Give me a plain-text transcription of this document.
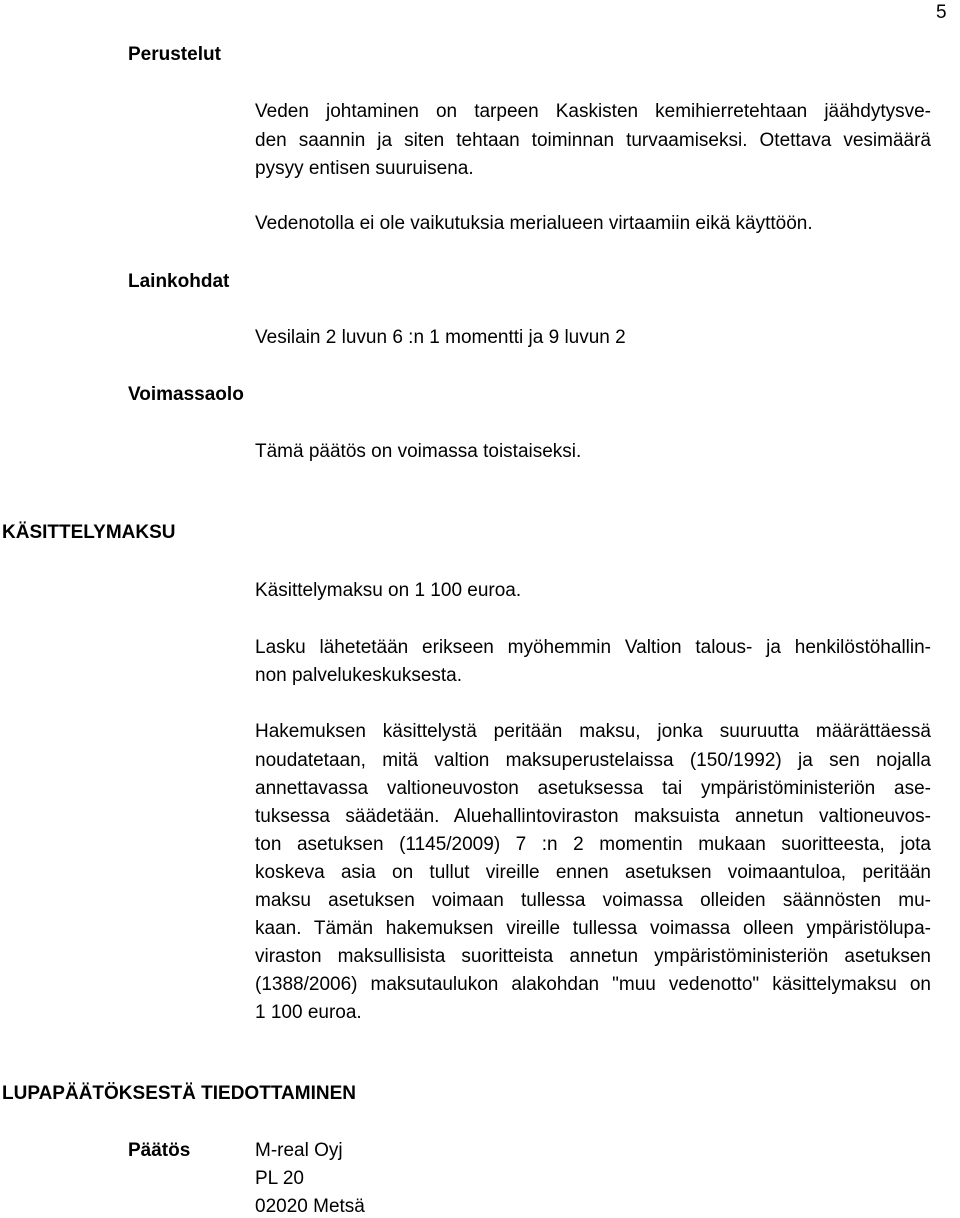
5
Perustelut
Veden johtaminen on tarpeen Kaskisten kemihierretehtaan jäähdytysve-
den saannin ja siten tehtaan toiminnan turvaamiseksi. Otettava vesimäärä
pysyy entisen suuruisena.
Vedenotolla ei ole vaikutuksia merialueen virtaamiin eikä käyttöön.
Lainkohdat
Vesilain 2 luvun 6 :n 1 momentti ja 9 luvun 2
Voimassaolo
Tämä päätös on voimassa toistaiseksi.
KÄSITTELYMAKSU
Käsittelymaksu on 1 100 euroa.
Lasku lähetetään erikseen myöhemmin Valtion talous- ja henkilöstöhallin-
non palvelukeskuksesta.
Hakemuksen käsittelystä peritään maksu, jonka suuruutta määrättäessä
noudatetaan, mitä valtion maksuperustelaissa (150/1992) ja sen nojalla
annettavassa valtioneuvoston asetuksessa tai ympäristöministeriön ase-
tuksessa säädetään. Aluehallintoviraston maksuista annetun valtioneuvos-
ton asetuksen (1145/2009) 7 :n 2 momentin mukaan suoritteesta, jota
koskeva asia on tullut vireille ennen asetuksen voimaantuloa, peritään
maksu asetuksen voimaan tullessa voimassa olleiden säännösten mu-
kaan. Tämän hakemuksen vireille tullessa voimassa olleen ympäristölupa-
viraston maksullisista suoritteista annetun ympäristöministeriön asetuksen
(1388/2006) maksutaulukon alakohdan "muu vedenotto" käsittelymaksu on
1 100 euroa.
LUPAPÄÄTÖKSESTÄ TIEDOTTAMINEN
Päätös	M-real Oyj
PL 20
02020 Metsä
